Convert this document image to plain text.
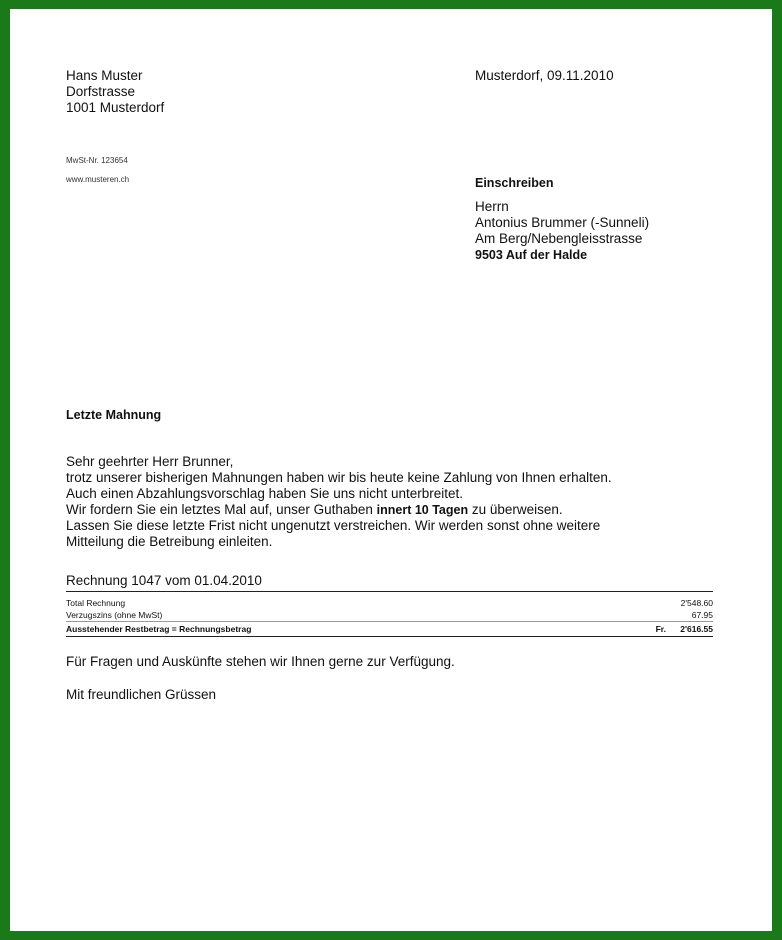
Hans Muster
Dorfstrasse
1001 Musterdorf
MwSt-Nr. 123654
www.musteren.ch
Musterdorf, 09.11.2010
Einschreiben
Herrn
Antonius Brummer (-Sunneli)
Am Berg/Nebengleisstrasse
9503 Auf der Halde
Letzte Mahnung
Sehr geehrter Herr Brunner,
trotz unserer bisherigen Mahnungen haben wir bis heute keine Zahlung von Ihnen erhalten.
Auch einen Abzahlungsvorschlag haben Sie uns nicht unterbreitet.
Wir fordern Sie ein letztes Mal auf, unser Guthaben innert 10 Tagen zu überweisen.
Lassen Sie diese letzte Frist nicht ungenutzt verstreichen. Wir werden sonst ohne weitere
Mitteilung die Betreibung einleiten.
Rechnung 1047 vom 01.04.2010
Total Rechnung	2'548.60
Verzugszins (ohne MwSt)	67.95
Ausstehender Restbetrag = Rechnungsbetrag	Fr. 2'616.55
Für Fragen und Auskünfte stehen wir Ihnen gerne zur Verfügung.
Mit freundlichen Grüssen
